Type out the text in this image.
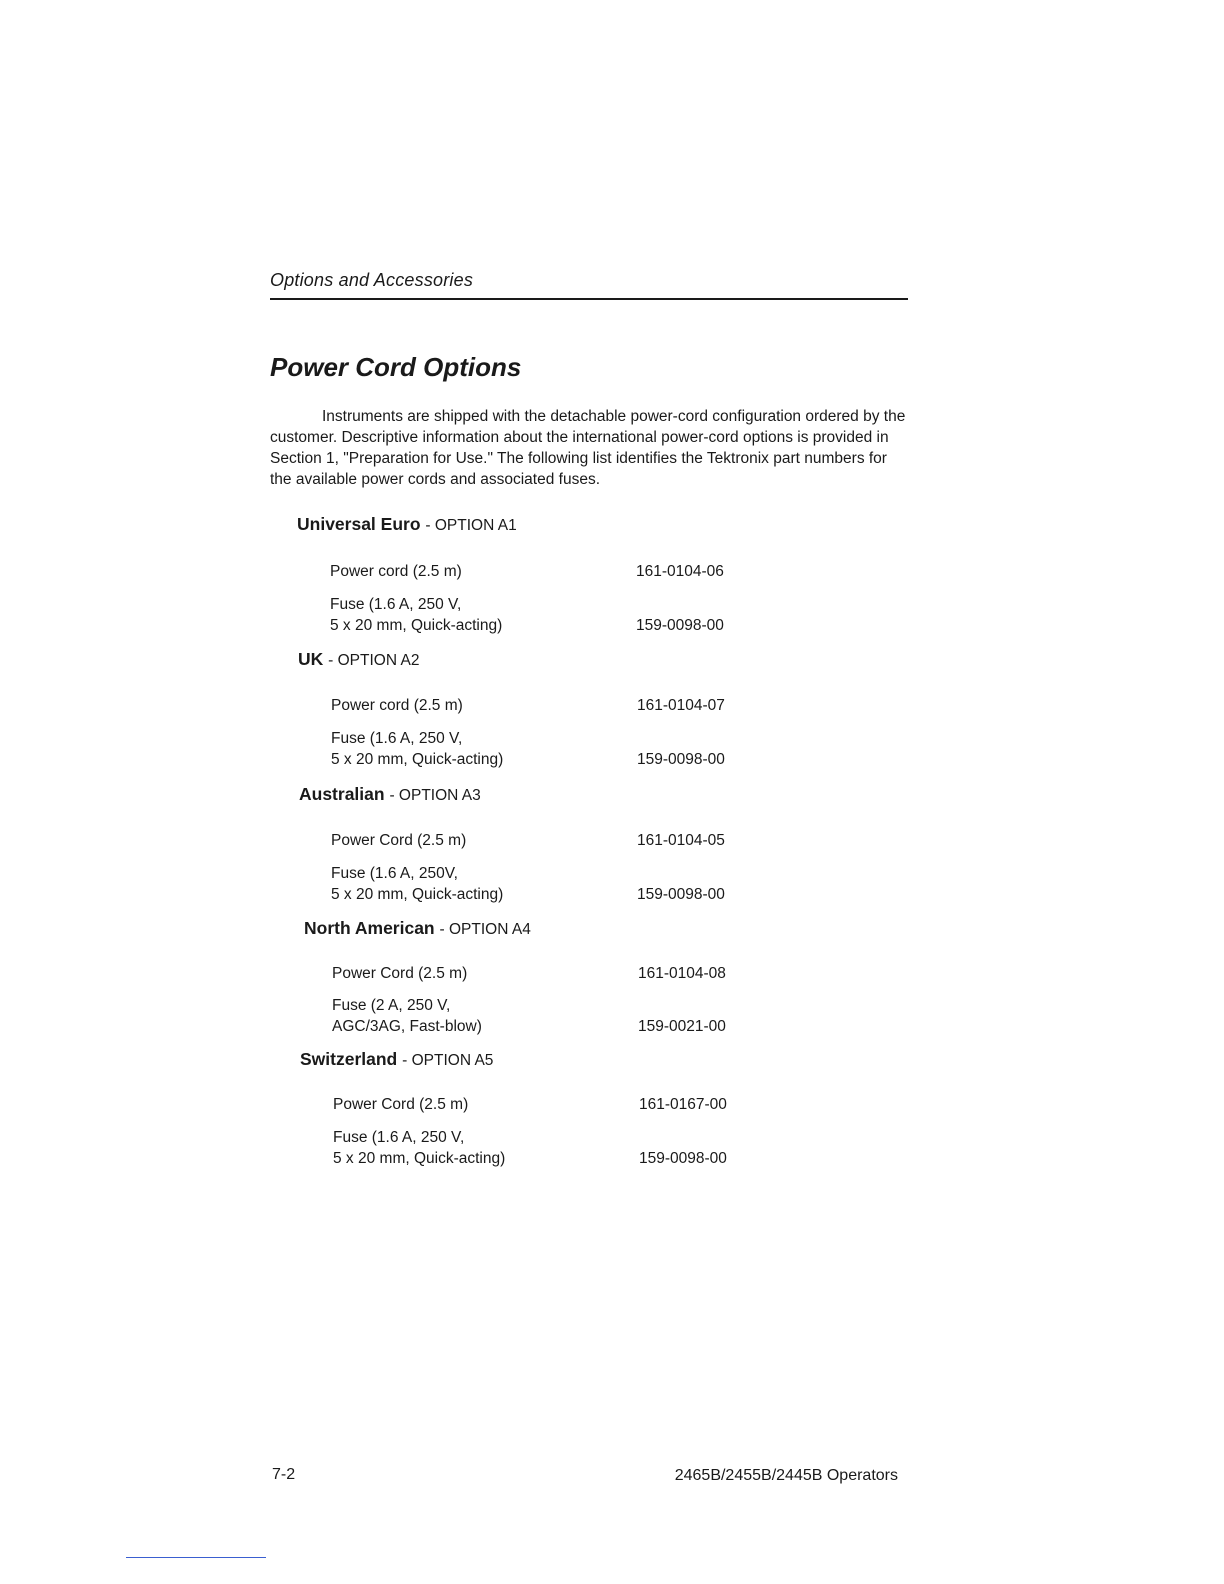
Options and Accessories
Power Cord Options

Instruments are shipped with the detachable power-cord configuration ordered by the customer. Descriptive information about the international power-cord options is provided in Section 1, "Preparation for Use." The following list identifies the Tektronix part numbers for the available power cords and associated fuses.

Universal Euro - OPTION A1
Power cord (2.5 m)	161-0104-06
Fuse (1.6 A, 250 V,
5 x 20 mm, Quick-acting)	159-0098-00
UK - OPTION A2
Power cord (2.5 m)	161-0104-07
Fuse (1.6 A, 250 V,
5 x 20 mm, Quick-acting)	159-0098-00
Australian - OPTION A3
Power Cord (2.5 m)	161-0104-05
Fuse (1.6 A, 250V,
5 x 20 mm, Quick-acting)	159-0098-00
North American - OPTION A4
Power Cord (2.5 m)	161-0104-08
Fuse (2 A, 250 V,
AGC/3AG, Fast-blow)	159-0021-00
Switzerland - OPTION A5
Power Cord (2.5 m)	161-0167-00
Fuse (1.6 A, 250 V,
5 x 20 mm, Quick-acting)	159-0098-00
7-2	2465B/2455B/2445B Operators
